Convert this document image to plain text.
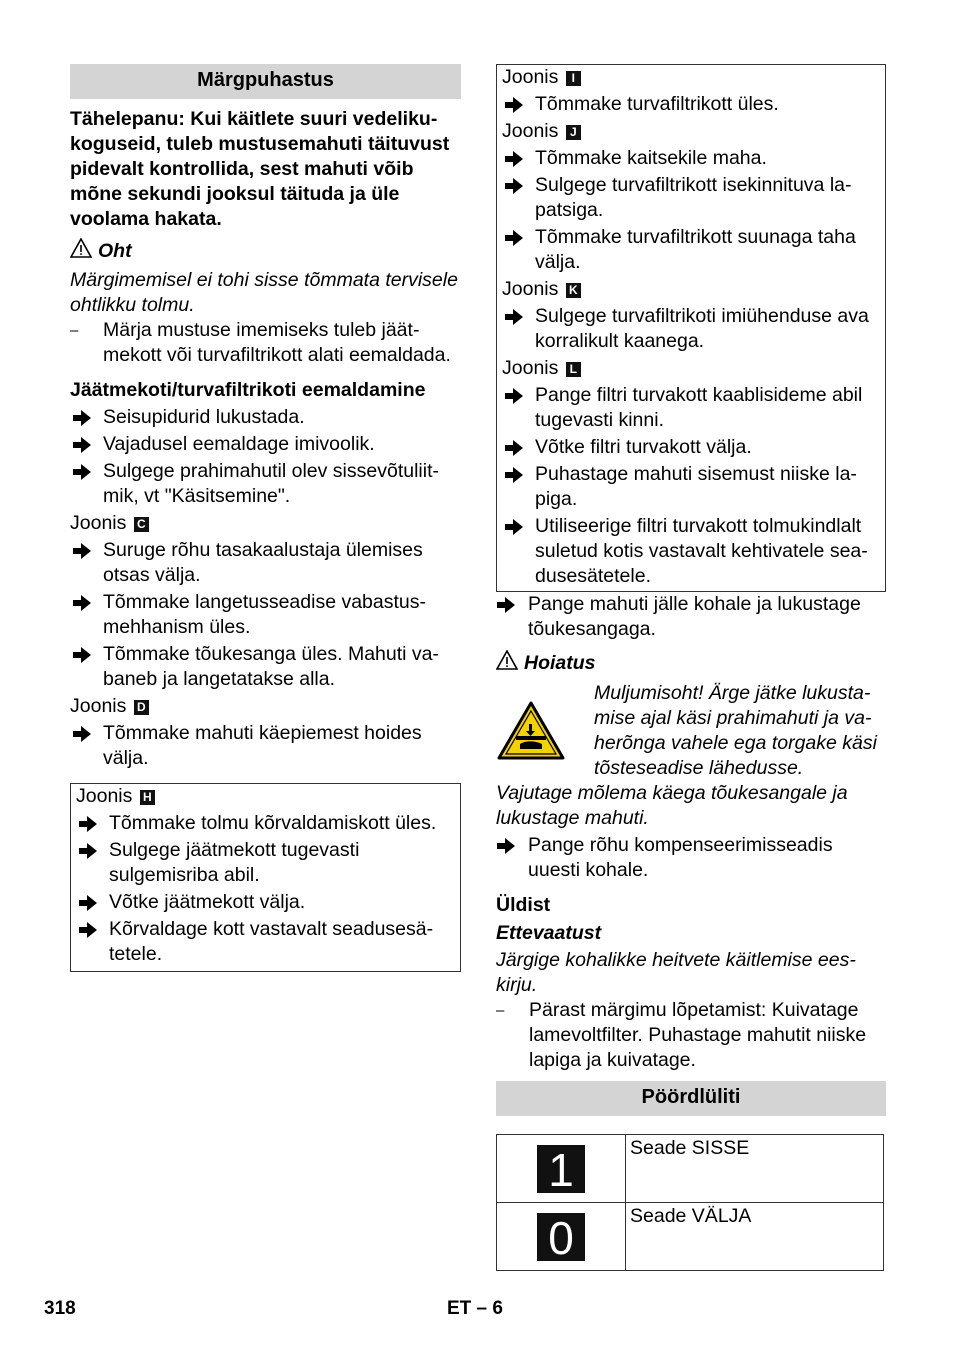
Märgpuhastus

Tähelepanu: Kui käitlete suuri vedelikukoguseid, tuleb mustusemahuti täituvust pidevalt kontrollida, sest mahuti võib mõne sekundi jooksul täituda ja üle voolama hakata.

Oht

Märgimemisel ei tohi sisse tõmmata tervisele ohtlikku tolmu.

– Märja mustuse imemiseks tuleb jäätmekott või turvafiltrikott alati eemaldada.
Jäätmekoti/turvafiltrikoti eemaldamine
Seisupidurid lukustada.
Vajadusel eemaldage imivoolik.
Sulgege prahimahutil olev sissevõtuliitmik, vt "Käsitsemine".
Joonis C
Suruge rõhu tasakaalustaja ülemises otsas välja.
Tõmmake langetusseadise vabastusmehhanism üles.
Tõmmake tõukesanga üles. Mahuti vabaneb ja langetatakse alla.
Joonis D
Tõmmake mahuti käepiemest hoides välja.
Joonis H
Tõmmake tolmu kõrvaldamiskott üles.
Sulgege jäätmekott tugevasti sulgemisriba abil.
Võtke jäätmekott välja.
Kõrvaldage kott vastavalt seadusesätetele.
Joonis I
Tõmmake turvafiltrikott üles.
Joonis J
Tõmmake kaitsekile maha.
Sulgege turvafiltrikott isekinnituva lapatsiga.
Tõmmake turvafiltrikott suunaga taha välja.
Joonis K
Sulgege turvafiltrikoti imiühenduse ava korralikult kaanega.
Joonis L
Pange filtri turvakott kaablisideme abil tugevasti kinni.
Võtke filtri turvakott välja.
Puhastage mahuti sisemust niiske lapiga.
Utiliseerige filtri turvakott tolmukindlalt suletud kotis vastavalt kehtivatele seadusesätetele.
Pange mahuti jälle kohale ja lukustage tõukesangaga.
Hoiatus
Muljumisoht! Ärge jätke lukustamise ajal käsi prahimahuti ja vaherõnga vahele ega torgake käsi tõsteseadise lähedusse.

Vajutage mõlema käega tõukesangale ja lukustage mahuti.

Pange rõhu kompenseerimisseadis uuesti kohale.
Üldist
Ettevaatust

Järgige kohalikke heitvete käitlemise eeskirju.

– Pärast märgimu lõpetamist: Kuivatage lamevoltfilter. Puhastage mahutit niiske lapiga ja kuivatage.
Pöördlüliti
1	Seade SISSE
0	Seade VÄLJA
318	ET – 6
